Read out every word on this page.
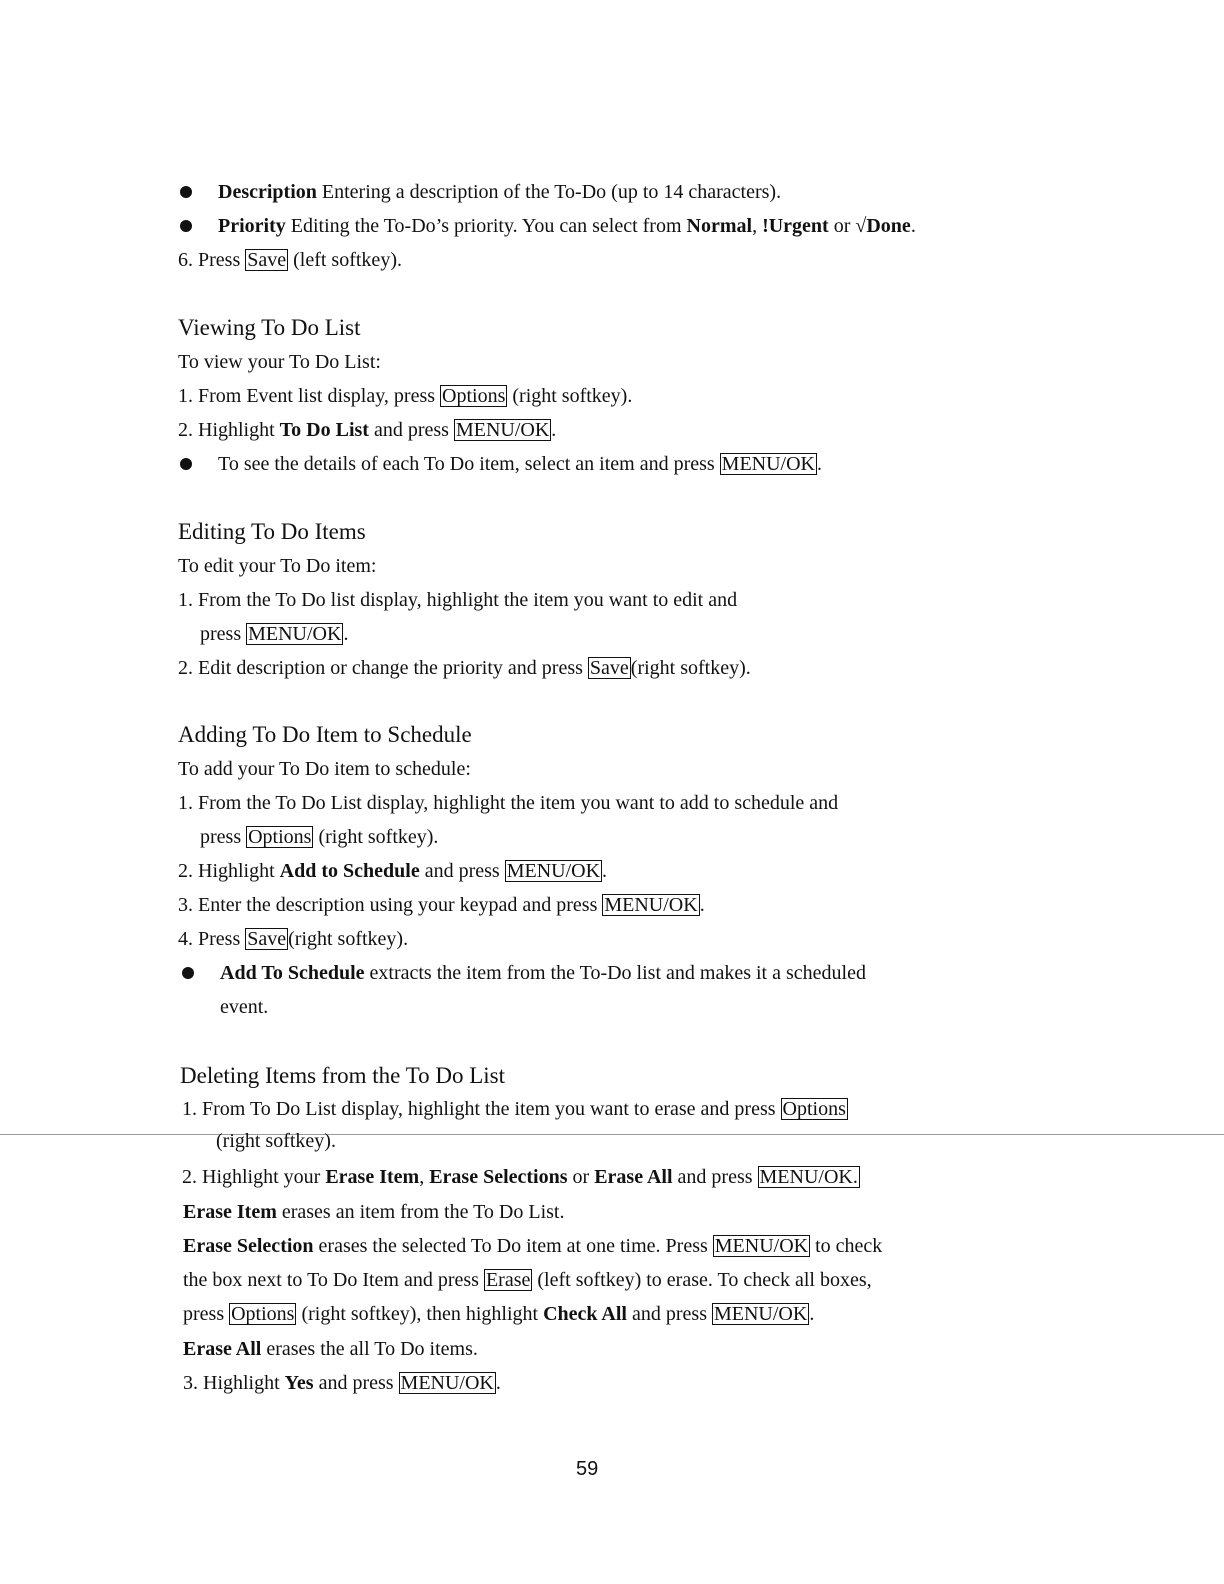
Description Entering a description of the To-Do (up to 14 characters).
Priority Editing the To-Do’s priority. You can select from Normal, !Urgent or √Done.
6. Press Save (left softkey).
Viewing To Do List
To view your To Do List:
1. From Event list display, press Options (right softkey).
2. Highlight To Do List and press MENU/OK .
To see the details of each To Do item, select an item and press MENU/OK .
Editing To Do Items
To edit your To Do item:
1. From the To Do list display, highlight the item you want to edit and
press MENU/OK .
2. Edit description or change the priority and press Save (right softkey).
Adding To Do Item to Schedule
To add your To Do item to schedule:
1. From the To Do List display, highlight the item you want to add to schedule and
press Options (right softkey).
2. Highlight Add to Schedule and press MENU/OK .
3. Enter the description using your keypad and press MENU/OK .
4. Press Save (right softkey).
Add To Schedule extracts the item from the To-Do list and makes it a scheduled
event.
Deleting Items from the To Do List
1. From To Do List display, highlight the item you want to erase and press Options
(right softkey).
2. Highlight your Erase Item, Erase Selections or Erase All and press MENU/OK.
Erase Item erases an item from the To Do List.
Erase Selection erases the selected To Do item at one time. Press MENU/OK to check
the box next to To Do Item and press Erase (left softkey) to erase. To check all boxes,
press Options (right softkey), then highlight Check All and press MENU/OK .
Erase All erases the all To Do items.
3. Highlight Yes and press MENU/OK .
59
